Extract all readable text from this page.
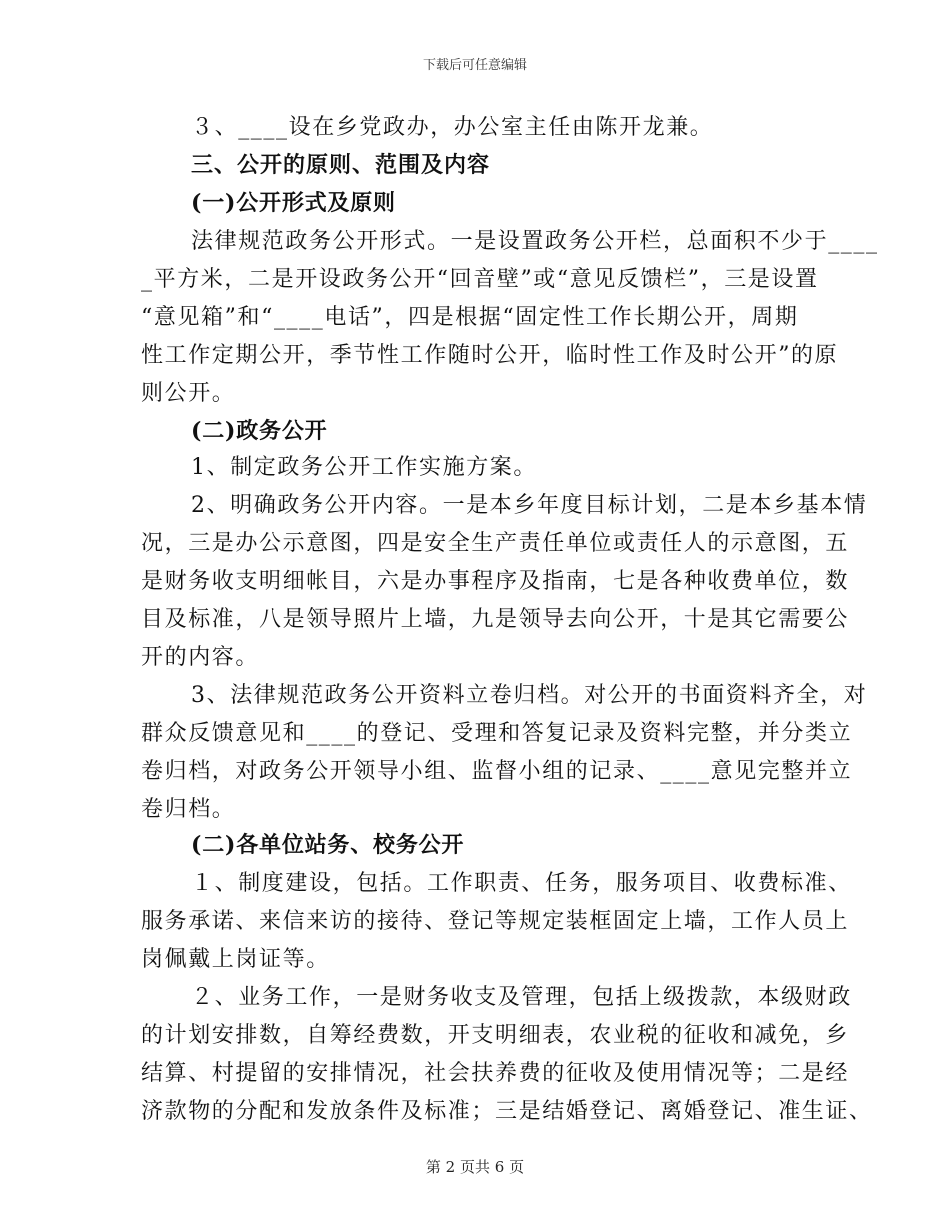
下载后可任意编辑
３、____设在乡党政办，办公室主任由陈开龙兼。
三、公开的原则、范围及内容
(一)公开形式及原则
法律规范政务公开形式。一是设置政务公开栏，总面积不少于____
_平方米，二是开设政务公开“回音壁”或“意见反馈栏”，三是设置
“意见箱”和“____电话”，四是根据“固定性工作长期公开，周期
性工作定期公开，季节性工作随时公开，临时性工作及时公开”的原
则公开。
(二)政务公开
1、制定政务公开工作实施方案。
2、明确政务公开内容。一是本乡年度目标计划，二是本乡基本情
况，三是办公示意图，四是安全生产责任单位或责任人的示意图，五
是财务收支明细帐目，六是办事程序及指南，七是各种收费单位，数
目及标准，八是领导照片上墙，九是领导去向公开，十是其它需要公
开的内容。
3、法律规范政务公开资料立卷归档。对公开的书面资料齐全，对
群众反馈意见和____的登记、受理和答复记录及资料完整，并分类立
卷归档，对政务公开领导小组、监督小组的记录、____意见完整并立
卷归档。
(二)各单位站务、校务公开
１、制度建设，包括。工作职责、任务，服务项目、收费标准、
服务承诺、来信来访的接待、登记等规定装框固定上墙，工作人员上
岗佩戴上岗证等。
２、业务工作，一是财务收支及管理，包括上级拨款，本级财政
的计划安排数，自筹经费数，开支明细表，农业税的征收和减免，乡
结算、村提留的安排情况，社会扶养费的征收及使用情况等；二是经
济款物的分配和发放条件及标准；三是结婚登记、离婚登记、准生证、
第 2 页共 6 页
